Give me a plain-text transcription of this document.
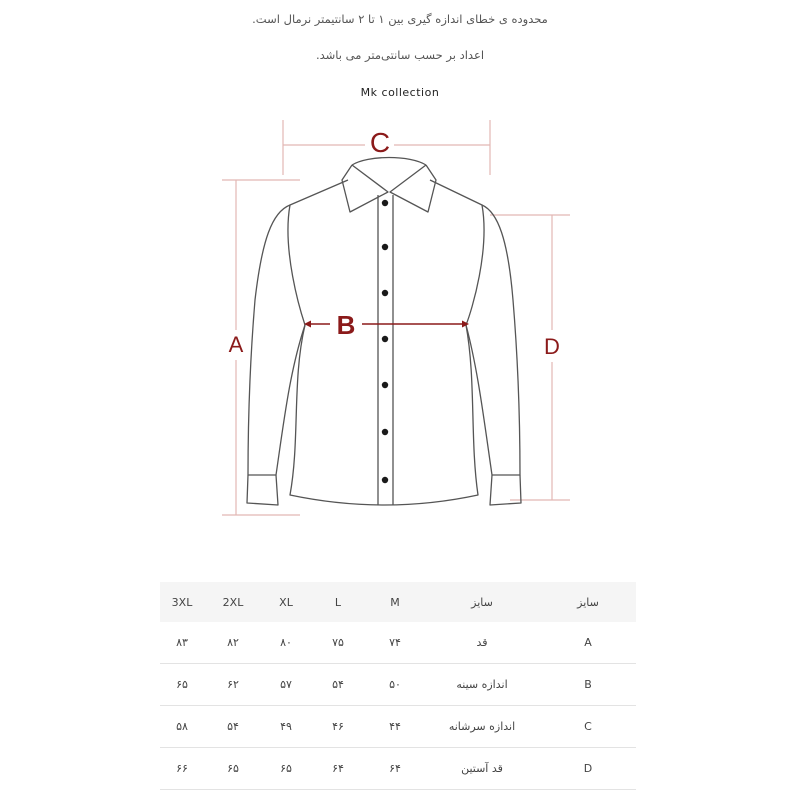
محدوده ی خطای اندازه گیری بین ۱ تا ۲ سانتیمتر نرمال است.
اعداد بر حسب سانتی‌متر می باشد.
Mk collection
C
B
A	D
3XL	2XL	XL	L	M	سایز	سایز
۸۳	۸۲	۸۰	۷۵	۷۴	قد	A
۶۵	۶۲	۵۷	۵۴	۵۰	اندازه سینه	B
۵۸	۵۴	۴۹	۴۶	۴۴	اندازه سرشانه	C
۶۶	۶۵	۶۵	۶۴	۶۴	قد آستین	D
